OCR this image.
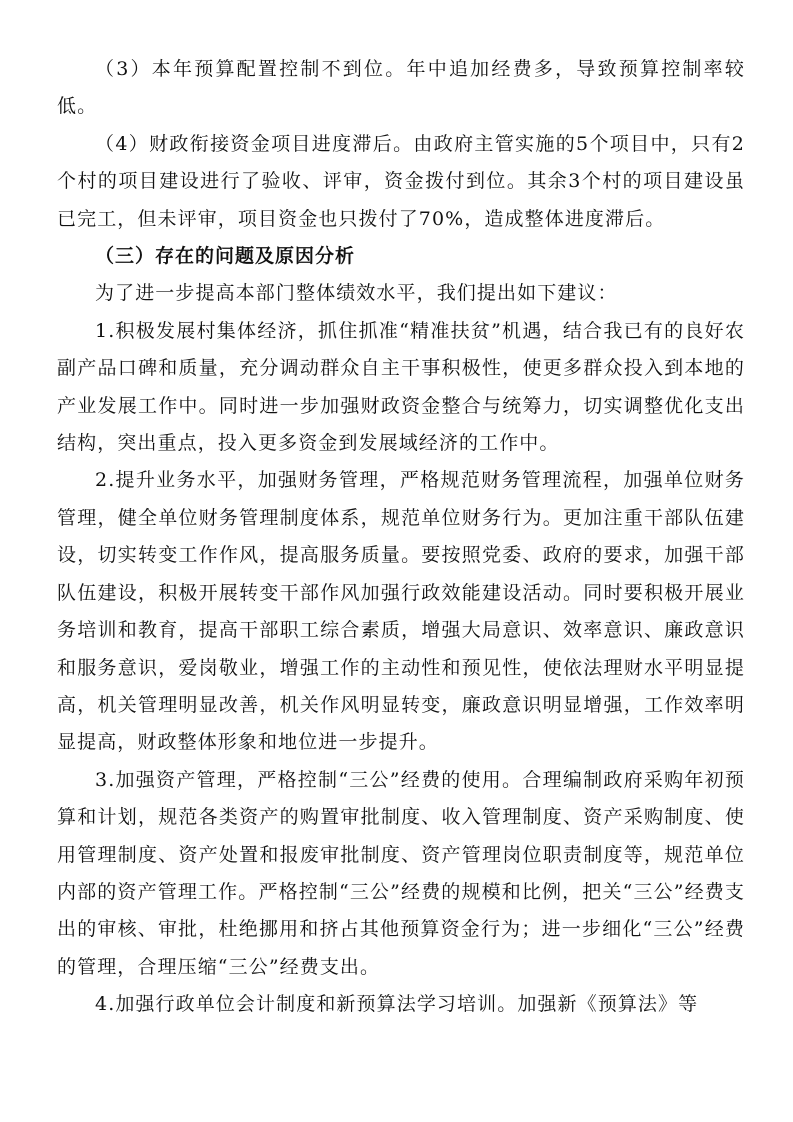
（3）本年预算配置控制不到位。年中追加经费多，导致预算控制率较低。

（4）财政衔接资金项目进度滞后。由政府主管实施的5个项目中，只有2个村的项目建设进行了验收、评审，资金拨付到位。其余3个村的项目建设虽已完工，但未评审，项目资金也只拨付了70%，造成整体进度滞后。

（三）存在的问题及原因分析

为了进一步提高本部门整体绩效水平，我们提出如下建议：

1.积极发展村集体经济，抓住抓准“精准扶贫”机遇，结合我已有的良好农副产品口碑和质量，充分调动群众自主干事积极性，使更多群众投入到本地的产业发展工作中。同时进一步加强财政资金整合与统筹力，切实调整优化支出结构，突出重点，投入更多资金到发展域经济的工作中。

2.提升业务水平，加强财务管理，严格规范财务管理流程，加强单位财务管理，健全单位财务管理制度体系，规范单位财务行为。更加注重干部队伍建设，切实转变工作作风，提高服务质量。要按照党委、政府的要求，加强干部队伍建设，积极开展转变干部作风加强行政效能建设活动。同时要积极开展业务培训和教育，提高干部职工综合素质，增强大局意识、效率意识、廉政意识和服务意识，爱岗敬业，增强工作的主动性和预见性，使依法理财水平明显提高，机关管理明显改善，机关作风明显转变，廉政意识明显增强，工作效率明显提高，财政整体形象和地位进一步提升。

3.加强资产管理，严格控制“三公”经费的使用。合理编制政府采购年初预算和计划，规范各类资产的购置审批制度、收入管理制度、资产采购制度、使用管理制度、资产处置和报废审批制度、资产管理岗位职责制度等，规范单位内部的资产管理工作。严格控制“三公”经费的规模和比例，把关“三公”经费支出的审核、审批，杜绝挪用和挤占其他预算资金行为；进一步细化“三公”经费的管理，合理压缩“三公”经费支出。

4.加强行政单位会计制度和新预算法学习培训。加强新《预算法》等
